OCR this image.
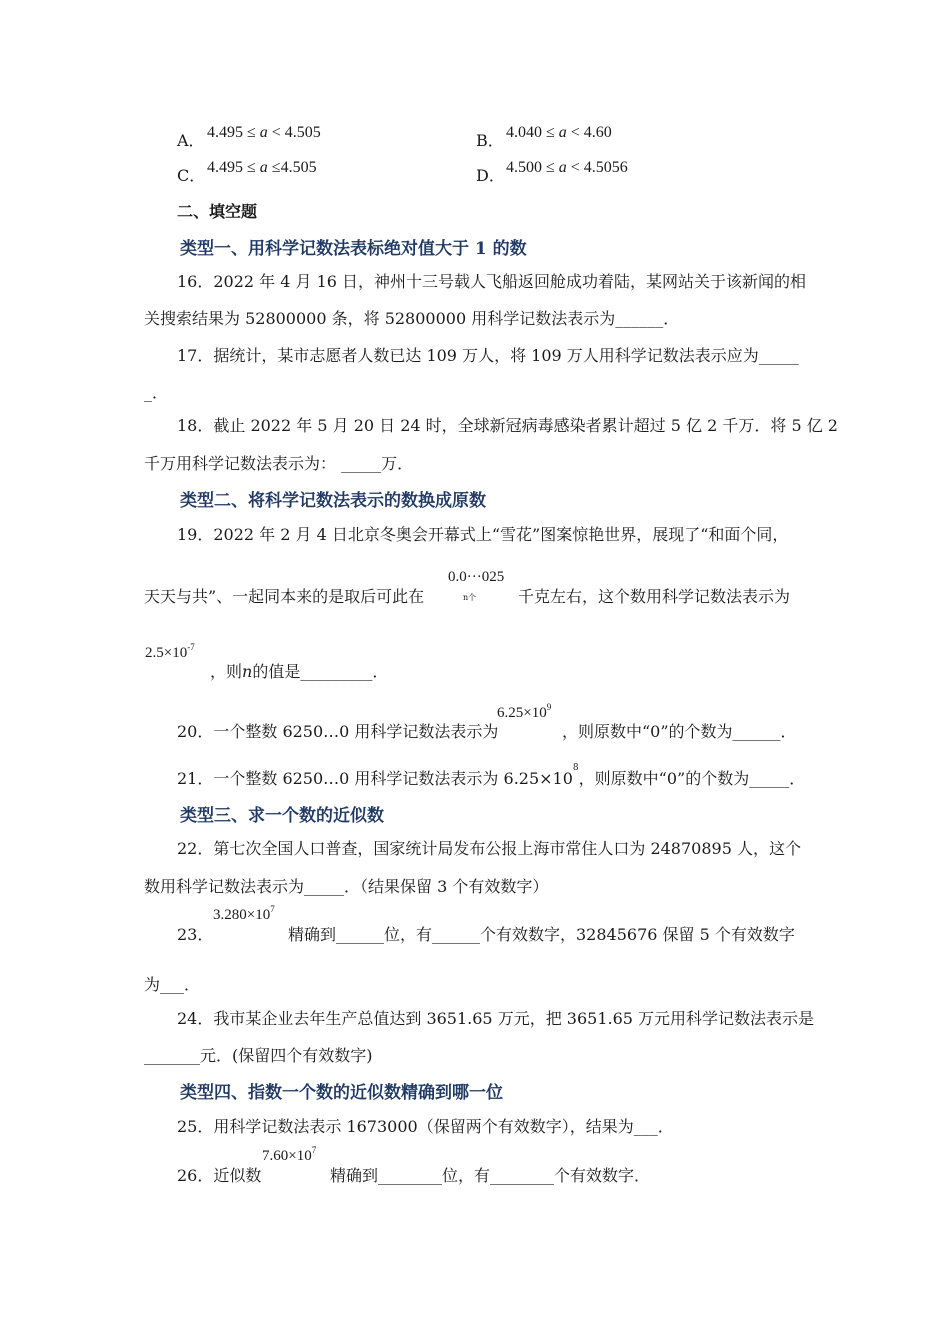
A． 4.495 ≤ a < 4.505	B． 4.040 ≤ a < 4.60
C． 4.495 ≤ a ≤4.505	D． 4.500 ≤ a < 4.5056
二、填空题
类型一、用科学记数法表标绝对值大于 1 的数
16．2022 年 4 月 16 日，神州十三号载人飞船返回舱成功着陆，某网站关于该新闻的相
关搜索结果为 52800000 条，将 52800000 用科学记数法表示为______．
17．据统计，某市志愿者人数已达 109 万人，将 109 万人用科学记数法表示应为_____
_．
18．截止 2022 年 5 月 20 日 24 时，全球新冠病毒感染者累计超过 5 亿 2 千万．将 5 亿 2
千万用科学记数法表示为： _____万．
类型二、将科学记数法表示的数换成原数
19．2022 年 2 月 4 日北京冬奥会开幕式上“雪花”图案惊艳世界，展现了“和面个同，
天天与共”、一起同本来的是取后可此在
0.0···025
n个	千克左右，这个数用科学记数法表示为
$2.5\times 10^{-7}$
，则n的值是_________．
20．一个整数 6250…0 用科学记数法表示为
$6.25\times 10^9$
，则原数中“0”的个数为______．
21．一个整数 6250…0 用科学记数法表示为 $6.25\times 10^8$，则原数中“0”的个数为_____．
类型三、求一个数的近似数
22．第七次全国人口普查，国家统计局发布公报上海市常住人口为 24870895 人，这个
数用科学记数法表示为_____．（结果保留 3 个有效数字）
23．
$3.280\times 10^7$
精确到______位，有______个有效数字，32845676 保留 5 个有效数字
为___．
24．我市某企业去年生产总值达到 3651.65 万元，把 3651.65 万元用科学记数法表示是
_______元．(保留四个有效数字)
类型四、指数一个数的近似数精确到哪一位
25．用科学记数法表示 1673000（保留两个有效数字），结果为___．
26．近似数
$7.60\times 10^7$
精确到________位，有________个有效数字．
